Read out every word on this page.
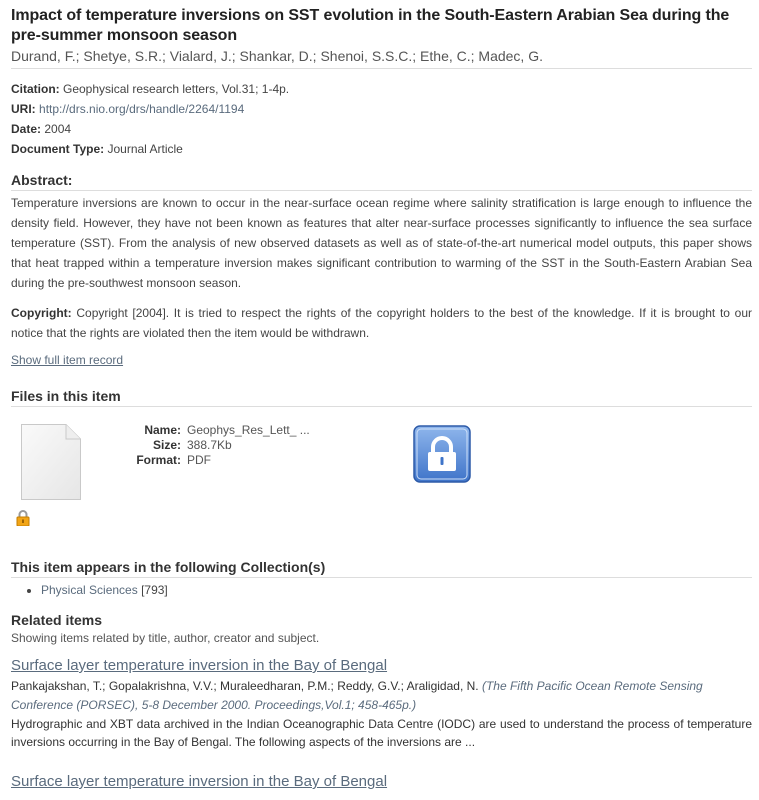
Impact of temperature inversions on SST evolution in the South-Eastern Arabian Sea during the pre-summer monsoon season
Durand, F.; Shetye, S.R.; Vialard, J.; Shankar, D.; Shenoi, S.S.C.; Ethe, C.; Madec, G.
Citation: Geophysical research letters, Vol.31; 1-4p.
URI: http://drs.nio.org/drs/handle/2264/1194
Date: 2004
Document Type: Journal Article
Abstract:
Temperature inversions are known to occur in the near-surface ocean regime where salinity stratification is large enough to influence the density field. However, they have not been known as features that alter near-surface processes significantly to influence the sea surface temperature (SST). From the analysis of new observed datasets as well as of state-of-the-art numerical model outputs, this paper shows that heat trapped within a temperature inversion makes significant contribution to warming of the SST in the South-Eastern Arabian Sea during the pre-southwest monsoon season.
Copyright: Copyright [2004]. It is tried to respect the rights of the copyright holders to the best of the knowledge. If it is brought to our notice that the rights are violated then the item would be withdrawn.
Show full item record
Files in this item
Name: Geophys_Res_Lett_ ...
Size: 388.7Kb
Format: PDF
This item appears in the following Collection(s)
• Physical Sciences [793]
Related items
Showing items related by title, author, creator and subject.
Surface layer temperature inversion in the Bay of Bengal
Pankajakshan, T.; Gopalakrishna, V.V.; Muraleedharan, P.M.; Reddy, G.V.; Araligidad, N. (The Fifth Pacific Ocean Remote Sensing Conference (PORSEC), 5-8 December 2000. Proceedings,Vol.1; 458-465p.)
Hydrographic and XBT data archived in the Indian Oceanographic Data Centre (IODC) are used to understand the process of temperature inversions occurring in the Bay of Bengal. The following aspects of the inversions are ...
Surface layer temperature inversion in the Bay of Bengal
